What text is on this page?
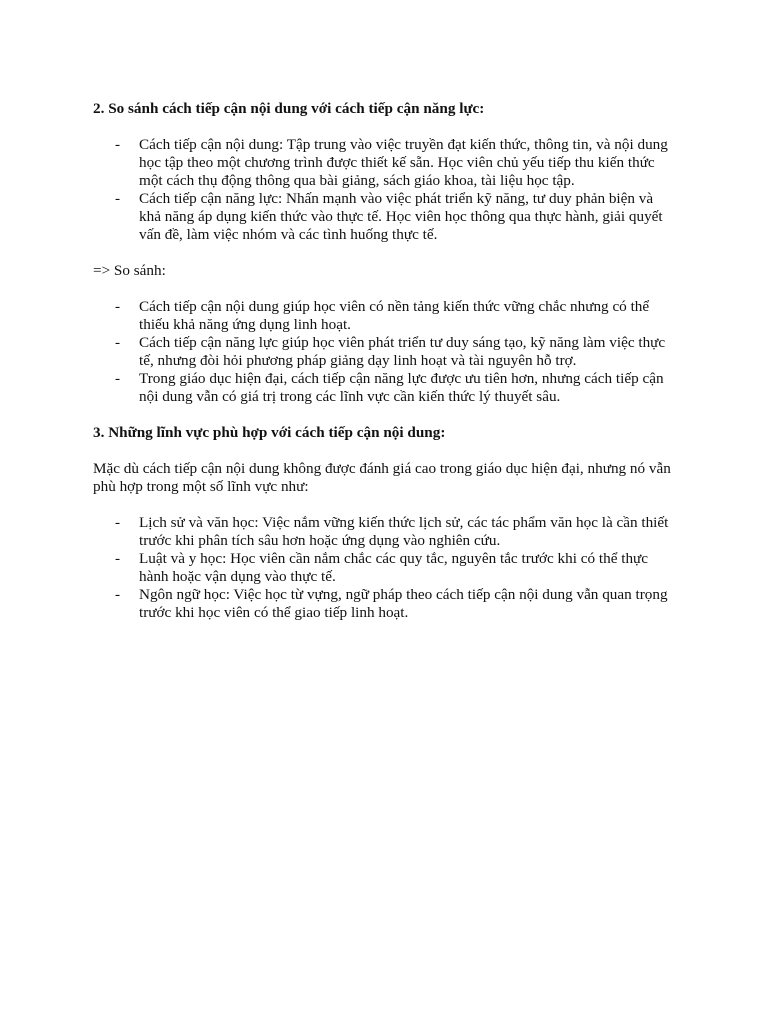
2. So sánh cách tiếp cận nội dung với cách tiếp cận năng lực:
- Cách tiếp cận nội dung: Tập trung vào việc truyền đạt kiến thức, thông tin, và nội dung học tập theo một chương trình được thiết kế sẵn. Học viên chủ yếu tiếp thu kiến thức một cách thụ động thông qua bài giảng, sách giáo khoa, tài liệu học tập.
- Cách tiếp cận năng lực: Nhấn mạnh vào việc phát triển kỹ năng, tư duy phản biện và khả năng áp dụng kiến thức vào thực tế. Học viên học thông qua thực hành, giải quyết vấn đề, làm việc nhóm và các tình huống thực tế.
=> So sánh:
- Cách tiếp cận nội dung giúp học viên có nền tảng kiến thức vững chắc nhưng có thể thiếu khả năng ứng dụng linh hoạt.
- Cách tiếp cận năng lực giúp học viên phát triển tư duy sáng tạo, kỹ năng làm việc thực tế, nhưng đòi hỏi phương pháp giảng dạy linh hoạt và tài nguyên hỗ trợ.
- Trong giáo dục hiện đại, cách tiếp cận năng lực được ưu tiên hơn, nhưng cách tiếp cận nội dung vẫn có giá trị trong các lĩnh vực cần kiến thức lý thuyết sâu.
3. Những lĩnh vực phù hợp với cách tiếp cận nội dung:
Mặc dù cách tiếp cận nội dung không được đánh giá cao trong giáo dục hiện đại, nhưng nó vẫn phù hợp trong một số lĩnh vực như:
- Lịch sử và văn học: Việc nắm vững kiến thức lịch sử, các tác phẩm văn học là cần thiết trước khi phân tích sâu hơn hoặc ứng dụng vào nghiên cứu.
- Luật và y học: Học viên cần nắm chắc các quy tắc, nguyên tắc trước khi có thể thực hành hoặc vận dụng vào thực tế.
- Ngôn ngữ học: Việc học từ vựng, ngữ pháp theo cách tiếp cận nội dung vẫn quan trọng trước khi học viên có thể giao tiếp linh hoạt.
